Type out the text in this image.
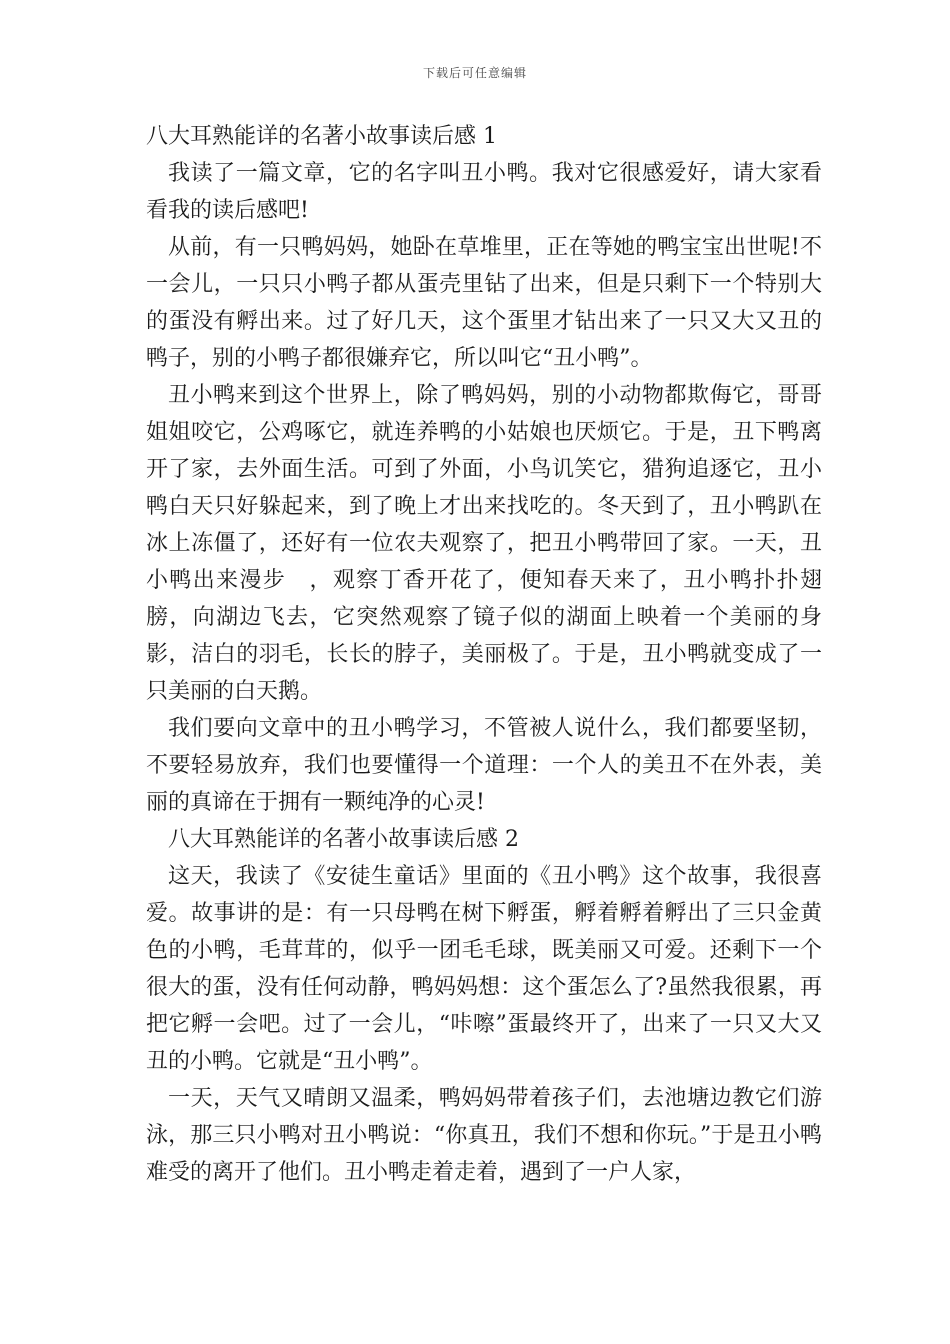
下载后可任意编辑

八大耳熟能详的名著小故事读后感 1

我读了一篇文章，它的名字叫丑小鸭。我对它很感爱好，请大家看看我的读后感吧!

从前，有一只鸭妈妈，她卧在草堆里，正在等她的鸭宝宝出世呢!不一会儿，一只只小鸭子都从蛋壳里钻了出来，但是只剩下一个特别大的蛋没有孵出来。过了好几天，这个蛋里才钻出来了一只又大又丑的鸭子，别的小鸭子都很嫌弃它，所以叫它“丑小鸭”。

丑小鸭来到这个世界上，除了鸭妈妈，别的小动物都欺侮它，哥哥姐姐咬它，公鸡啄它，就连养鸭的小姑娘也厌烦它。于是，丑下鸭离开了家，去外面生活。可到了外面，小鸟讥笑它，猎狗追逐它，丑小鸭白天只好躲起来，到了晚上才出来找吃的。冬天到了，丑小鸭趴在冰上冻僵了，还好有一位农夫观察了，把丑小鸭带回了家。一天，丑小鸭出来漫步　，观察丁香开花了，便知春天来了，丑小鸭扑扑翅膀，向湖边飞去，它突然观察了镜子似的湖面上映着一个美丽的身影，洁白的羽毛，长长的脖子，美丽极了。于是，丑小鸭就变成了一只美丽的白天鹅。

我们要向文章中的丑小鸭学习，不管被人说什么，我们都要坚韧，不要轻易放弃，我们也要懂得一个道理：一个人的美丑不在外表，美丽的真谛在于拥有一颗纯净的心灵!

八大耳熟能详的名著小故事读后感 2

这天，我读了《安徒生童话》里面的《丑小鸭》这个故事，我很喜爱。故事讲的是：有一只母鸭在树下孵蛋，孵着孵着孵出了三只金黄色的小鸭，毛茸茸的，似乎一团毛毛球，既美丽又可爱。还剩下一个很大的蛋，没有任何动静，鸭妈妈想：这个蛋怎么了?虽然我很累，再把它孵一会吧。过了一会儿，“咔嚓”蛋最终开了，出来了一只又大又丑的小鸭。它就是“丑小鸭”。

一天，天气又晴朗又温柔，鸭妈妈带着孩子们，去池塘边教它们游泳，那三只小鸭对丑小鸭说：“你真丑，我们不想和你玩。”于是丑小鸭难受的离开了他们。丑小鸭走着走着，遇到了一户人家，
